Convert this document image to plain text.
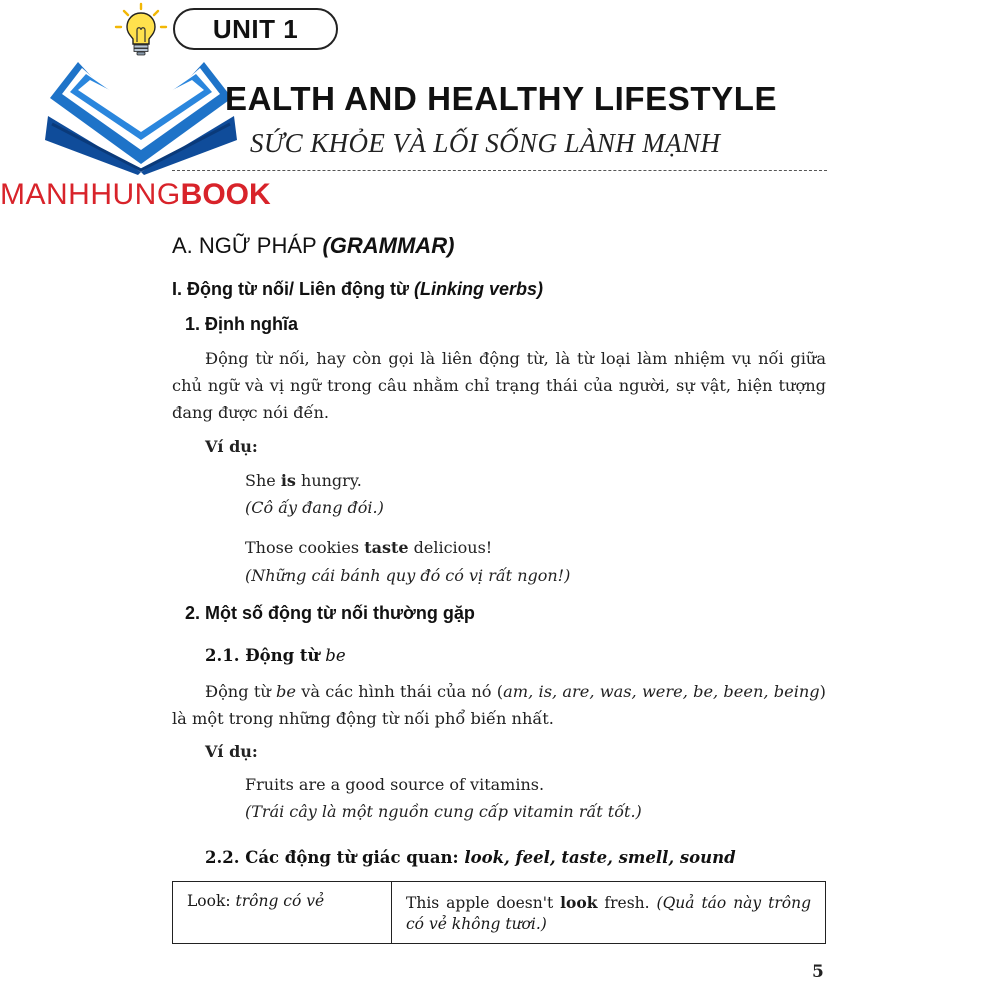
UNIT 1
EALTH AND HEALTHY LIFESTYLE
SỨC KHỎE VÀ LỐI SỐNG LÀNH MẠNH
MANHHUNGBOOK
A. NGỮ PHÁP (GRAMMAR)
I. Động từ nối/ Liên động từ (Linking verbs)
1. Định nghĩa
Động từ nối, hay còn gọi là liên động từ, là từ loại làm nhiệm vụ nối giữa chủ ngữ và vị ngữ trong câu nhằm chỉ trạng thái của người, sự vật, hiện tượng đang được nói đến.
Ví dụ:
She is hungry.
(Cô ấy đang đói.)
Those cookies taste delicious!
(Những cái bánh quy đó có vị rất ngon!)
2. Một số động từ nối thường gặp
2.1. Động từ be
Động từ be và các hình thái của nó (am, is, are, was, were, be, been, being) là một trong những động từ nối phổ biến nhất.
Ví dụ:
Fruits are a good source of vitamins.
(Trái cây là một nguồn cung cấp vitamin rất tốt.)
2.2. Các động từ giác quan: look, feel, taste, smell, sound
Look: trông có vẻ	This apple doesn't look fresh. (Quả táo này trông có vẻ không tươi.)
5
